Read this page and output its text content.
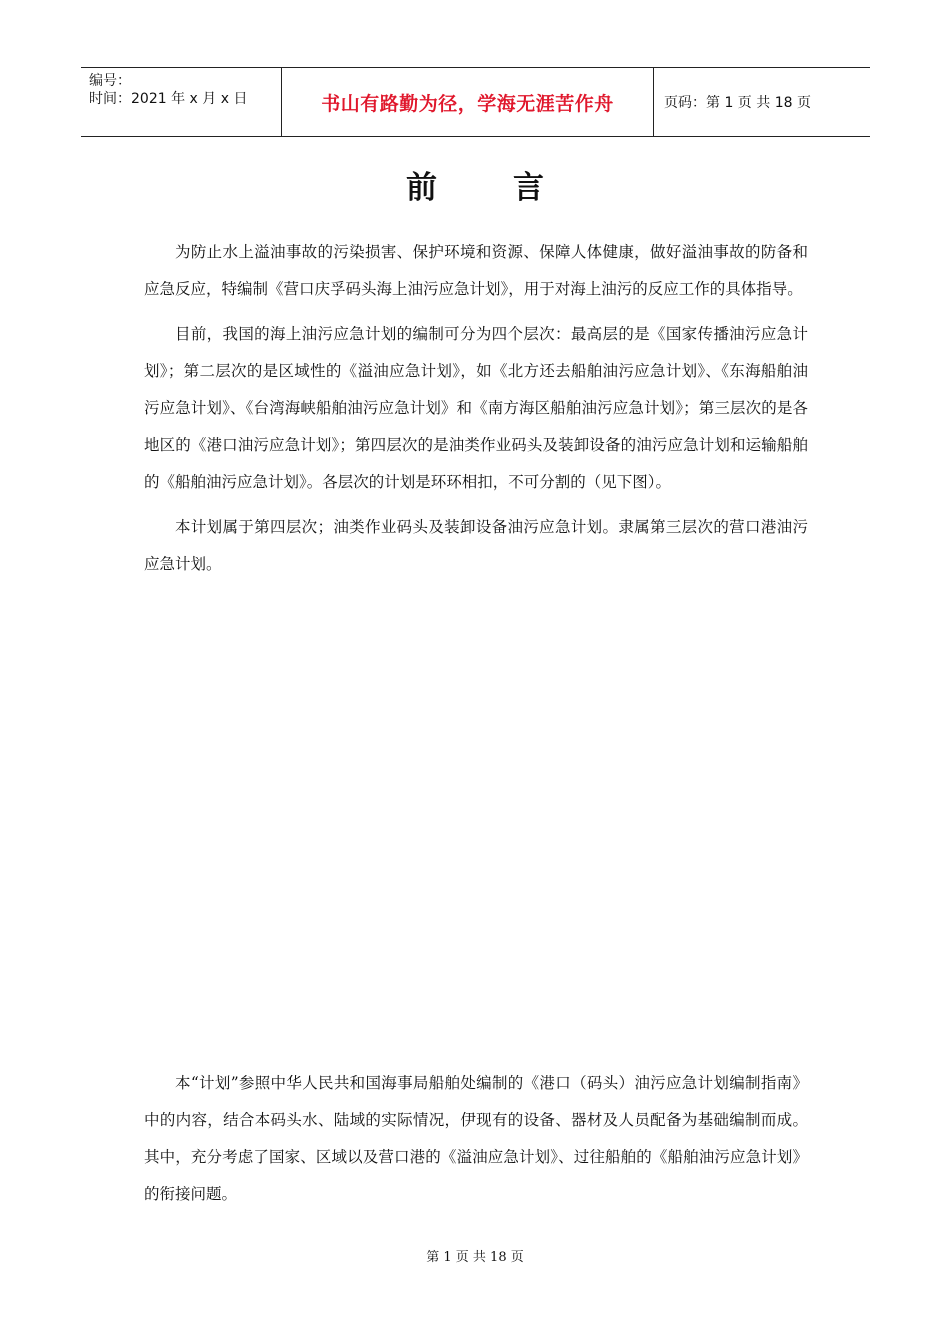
编号：
时间：2021 年 x 月 x 日	书山有路勤为径，学海无涯苦作舟	页码：第 1 页 共 18 页
前 言

为防止水上溢油事故的污染损害、保护环境和资源、保障人体健康，做好溢油事故的防备和应急反应，特编制《营口庆孚码头海上油污应急计划》，用于对海上油污的反应工作的具体指导。

目前，我国的海上油污应急计划的编制可分为四个层次：最高层的是《国家传播油污应急计划》；第二层次的是区域性的《溢油应急计划》，如《北方还去船舶油污应急计划》、《东海船舶油污应急计划》、《台湾海峡船舶油污应急计划》和《南方海区船舶油污应急计划》；第三层次的是各地区的《港口油污应急计划》；第四层次的是油类作业码头及装卸设备的油污应急计划和运输船舶的《船舶油污应急计划》。各层次的计划是环环相扣，不可分割的（见下图）。

本计划属于第四层次；油类作业码头及装卸设备油污应急计划。隶属第三层次的营口港油污应急计划。

本“计划”参照中华人民共和国海事局船舶处编制的《港口（码头）油污应急计划编制指南》中的内容，结合本码头水、陆域的实际情况，伊现有的设备、器材及人员配备为基础编制而成。其中，充分考虑了国家、区域以及营口港的《溢油应急计划》、过往船舶的《船舶油污应急计划》的衔接问题。

第 1 页 共 18 页
